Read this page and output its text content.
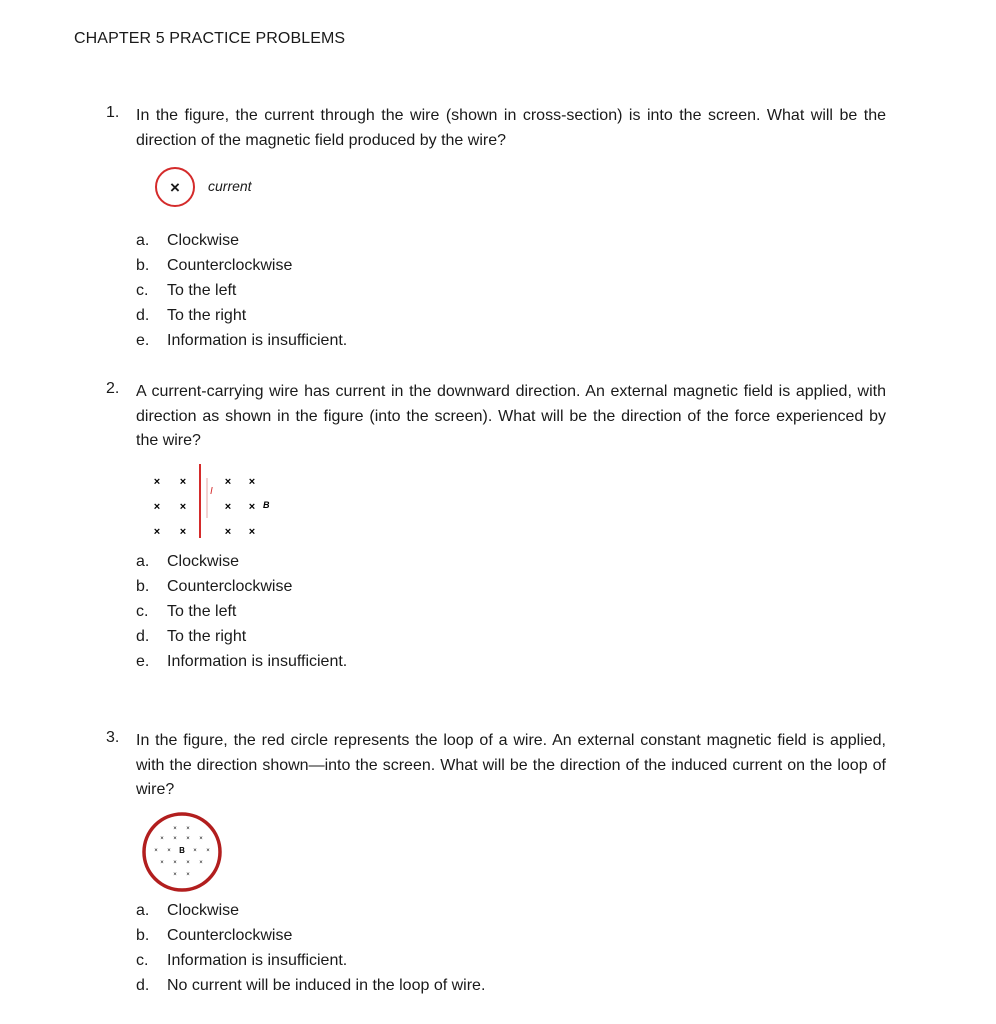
CHAPTER 5 PRACTICE PROBLEMS
1. In the figure, the current through the wire (shown in cross-section) is into the screen. What will be the direction of the magnetic field produced by the wire?
× current
a.	Clockwise
b.	Counterclockwise
c.	To the left
d.	To the right
e.	Information is insufficient.
2. A current-carrying wire has current in the downward direction. An external magnetic field is applied, with direction as shown in the figure (into the screen). What will be the direction of the force experienced by the wire?
× ×	× ×
× ×	× ×
× ×	× ×
I
B
a.	Clockwise
b.	Counterclockwise
c.	To the left
d.	To the right
e.	Information is insufficient.
3. In the figure, the red circle represents the loop of a wire. An external constant magnetic field is applied, with the direction shown—into the screen. What will be the direction of the induced current on the loop of wire?
× ×
× × × ×
× × B × ×
× × × ×
× ×
a.	Clockwise
b.	Counterclockwise
c.	Information is insufficient.
d.	No current will be induced in the loop of wire.
